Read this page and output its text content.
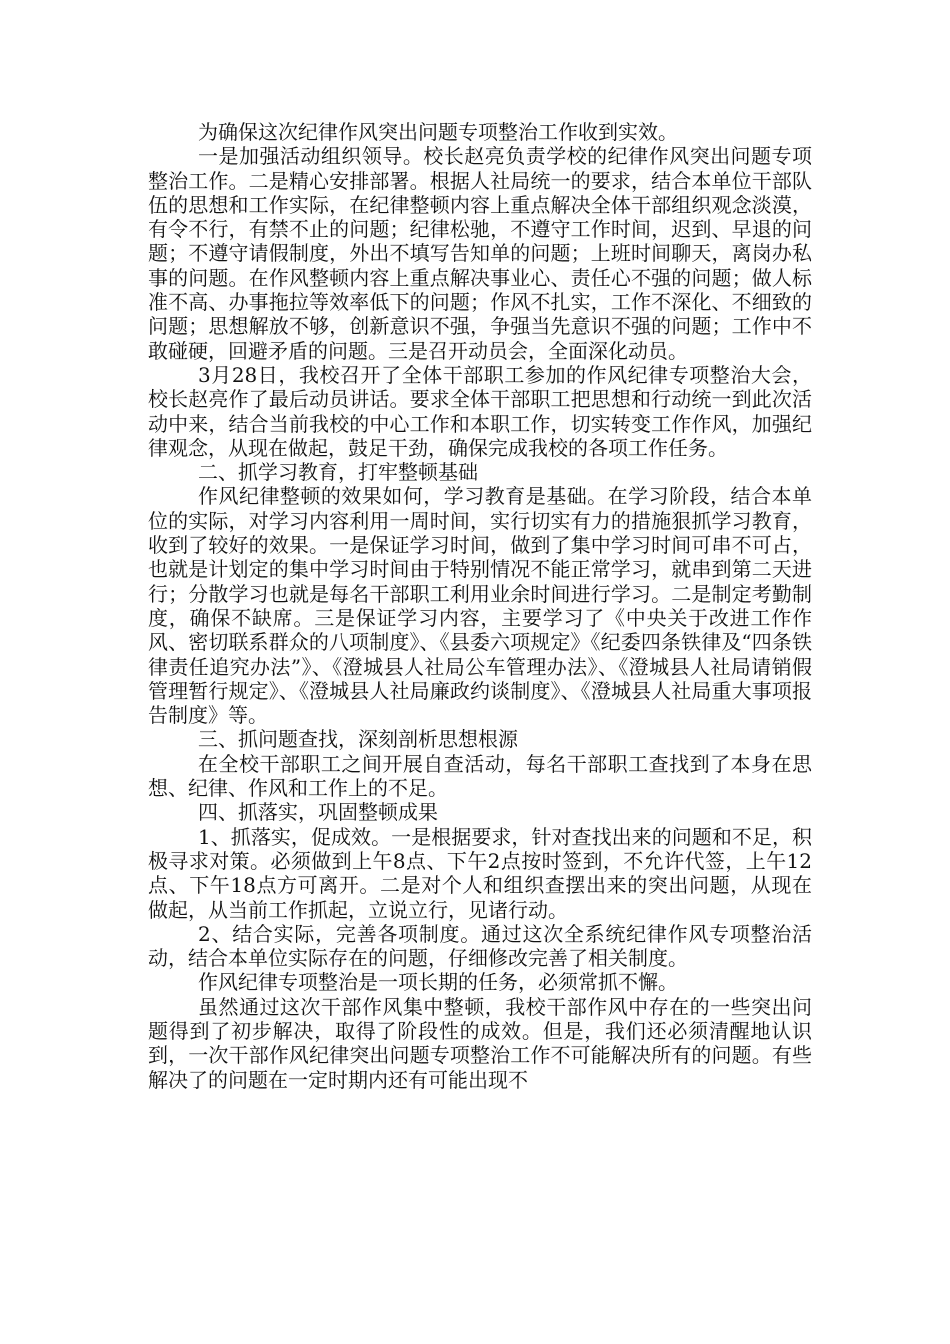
为确保这次纪律作风突出问题专项整治工作收到实效。

一是加强活动组织领导。校长赵亮负责学校的纪律作风突出问题专项整治工作。二是精心安排部署。根据人社局统一的要求，结合本单位干部队伍的思想和工作实际，在纪律整顿内容上重点解决全体干部组织观念淡漠，有令不行，有禁不止的问题；纪律松驰，不遵守工作时间，迟到、早退的问题；不遵守请假制度，外出不填写告知单的问题；上班时间聊天，离岗办私事的问题。在作风整顿内容上重点解决事业心、责任心不强的问题；做人标准不高、办事拖拉等效率低下的问题；作风不扎实，工作不深化、不细致的问题；思想解放不够，创新意识不强，争强当先意识不强的问题；工作中不敢碰硬，回避矛盾的问题。三是召开动员会，全面深化动员。

3月28日，我校召开了全体干部职工参加的作风纪律专项整治大会，校长赵亮作了最后动员讲话。要求全体干部职工把思想和行动统一到此次活动中来，结合当前我校的中心工作和本职工作，切实转变工作作风，加强纪律观念，从现在做起，鼓足干劲，确保完成我校的各项工作任务。

二、抓学习教育，打牢整顿基础

作风纪律整顿的效果如何，学习教育是基础。在学习阶段，结合本单位的实际，对学习内容利用一周时间，实行切实有力的措施狠抓学习教育，收到了较好的效果。一是保证学习时间，做到了集中学习时间可串不可占，也就是计划定的集中学习时间由于特别情况不能正常学习，就串到第二天进行；分散学习也就是每名干部职工利用业余时间进行学习。二是制定考勤制度，确保不缺席。三是保证学习内容，主要学习了《中央关于改进工作作风、密切联系群众的八项制度》、《县委六项规定》《纪委四条铁律及“四条铁律责任追究办法”》、《澄城县人社局公车管理办法》、《澄城县人社局请销假管理暂行规定》、《澄城县人社局廉政约谈制度》、《澄城县人社局重大事项报告制度》等。

三、抓问题查找，深刻剖析思想根源

在全校干部职工之间开展自查活动，每名干部职工查找到了本身在思想、纪律、作风和工作上的不足。

四、抓落实，巩固整顿成果

1、抓落实，促成效。一是根据要求，针对查找出来的问题和不足，积极寻求对策。必须做到上午8点、下午2点按时签到，不允许代签，上午12点、下午18点方可离开。二是对个人和组织查摆出来的突出问题，从现在做起，从当前工作抓起，立说立行，见诸行动。

2、结合实际，完善各项制度。通过这次全系统纪律作风专项整治活动，结合本单位实际存在的问题，仔细修改完善了相关制度。

作风纪律专项整治是一项长期的任务，必须常抓不懈。

虽然通过这次干部作风集中整顿，我校干部作风中存在的一些突出问题得到了初步解决，取得了阶段性的成效。但是，我们还必须清醒地认识到，一次干部作风纪律突出问题专项整治工作不可能解决所有的问题。有些解决了的问题在一定时期内还有可能出现不
